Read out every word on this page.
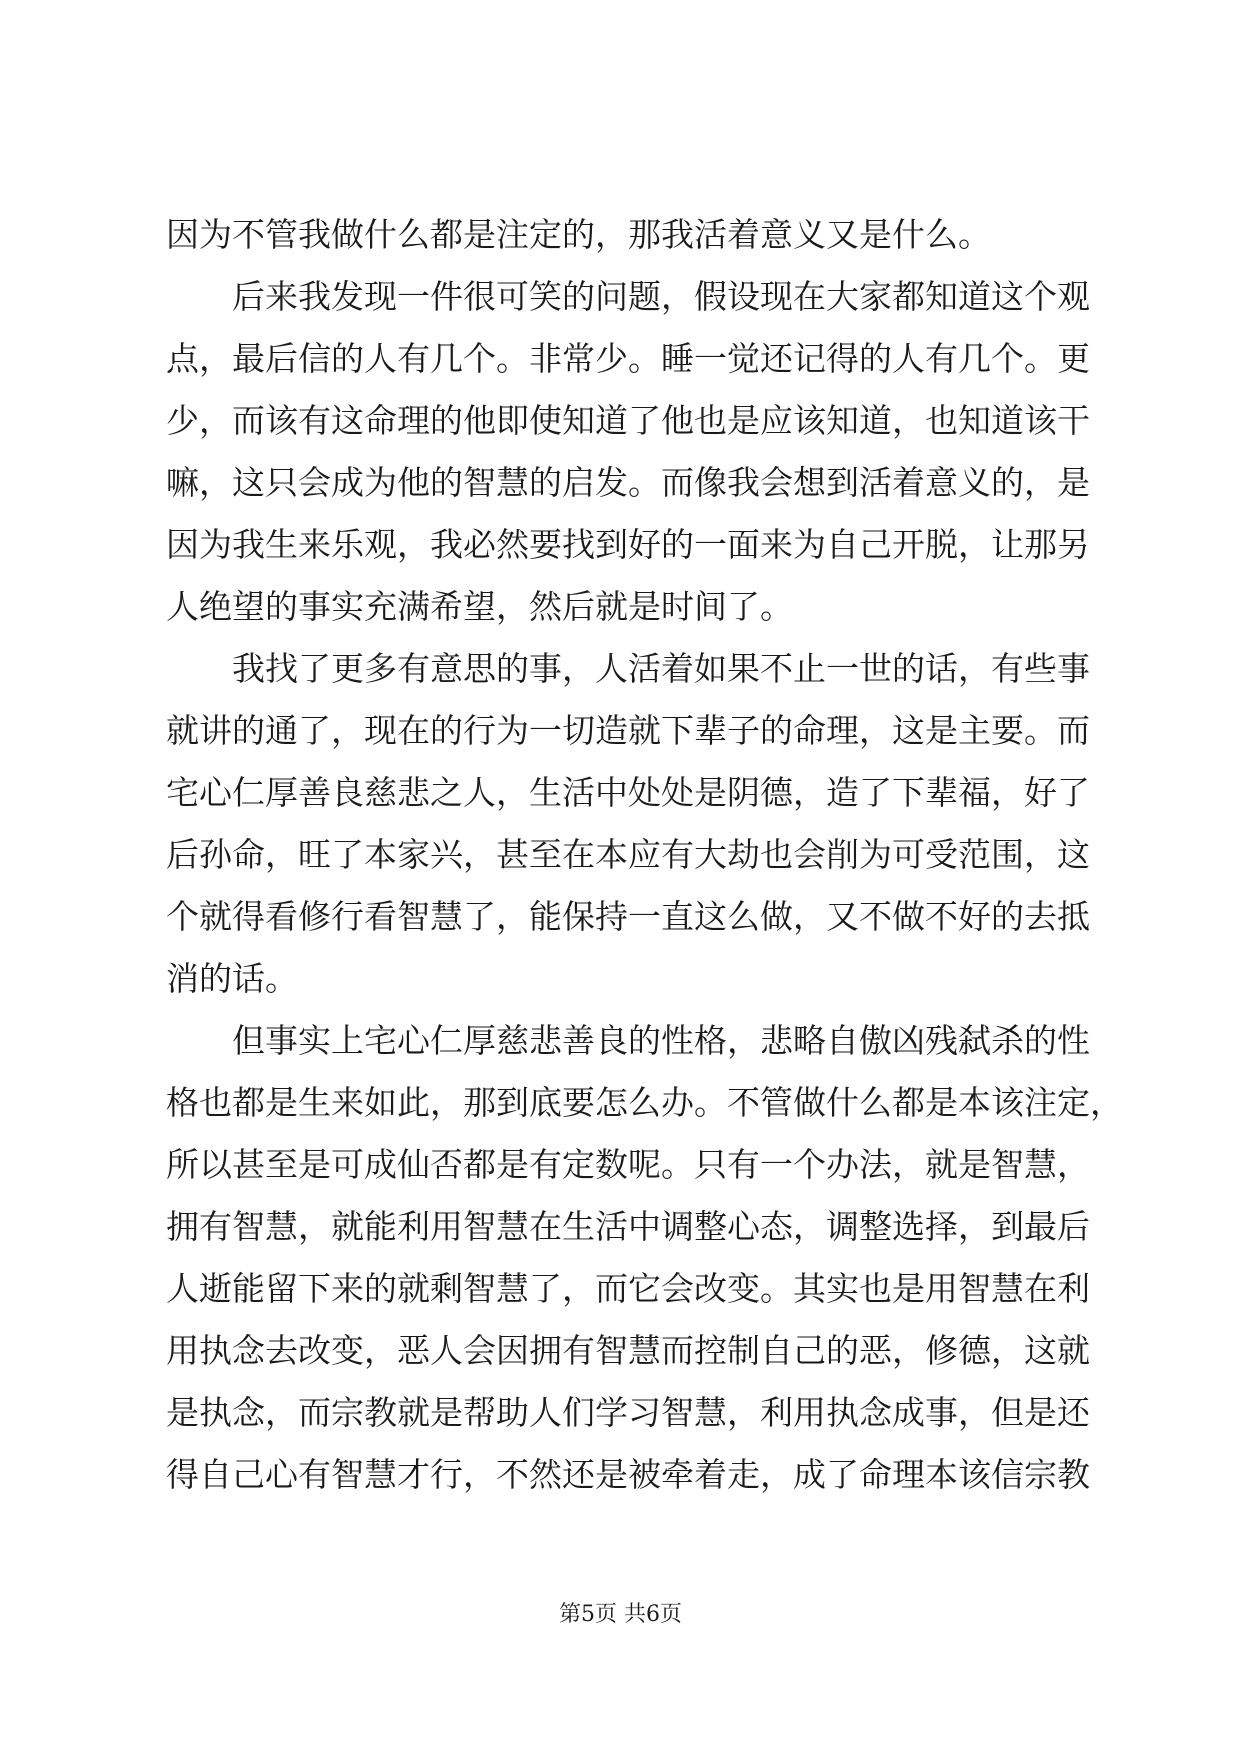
因为不管我做什么都是注定的，那我活着意义又是什么。
后来我发现一件很可笑的问题，假设现在大家都知道这个观
点，最后信的人有几个。非常少。睡一觉还记得的人有几个。更
少，而该有这命理的他即使知道了他也是应该知道，也知道该干
嘛，这只会成为他的智慧的启发。而像我会想到活着意义的，是
因为我生来乐观，我必然要找到好的一面来为自己开脱，让那另
人绝望的事实充满希望，然后就是时间了。
我找了更多有意思的事，人活着如果不止一世的话，有些事
就讲的通了，现在的行为一切造就下辈子的命理，这是主要。而
宅心仁厚善良慈悲之人，生活中处处是阴德，造了下辈福，好了
后孙命，旺了本家兴，甚至在本应有大劫也会削为可受范围，这
个就得看修行看智慧了，能保持一直这么做，又不做不好的去抵
消的话。
但事实上宅心仁厚慈悲善良的性格，悲略自傲凶残弑杀的性
格也都是生来如此，那到底要怎么办。不管做什么都是本该注定，
所以甚至是可成仙否都是有定数呢。只有一个办法，就是智慧，
拥有智慧，就能利用智慧在生活中调整心态，调整选择，到最后
人逝能留下来的就剩智慧了，而它会改变。其实也是用智慧在利
用执念去改变，恶人会因拥有智慧而控制自己的恶，修德，这就
是执念，而宗教就是帮助人们学习智慧，利用执念成事，但是还
得自己心有智慧才行，不然还是被牵着走，成了命理本该信宗教
第5页 共6页
